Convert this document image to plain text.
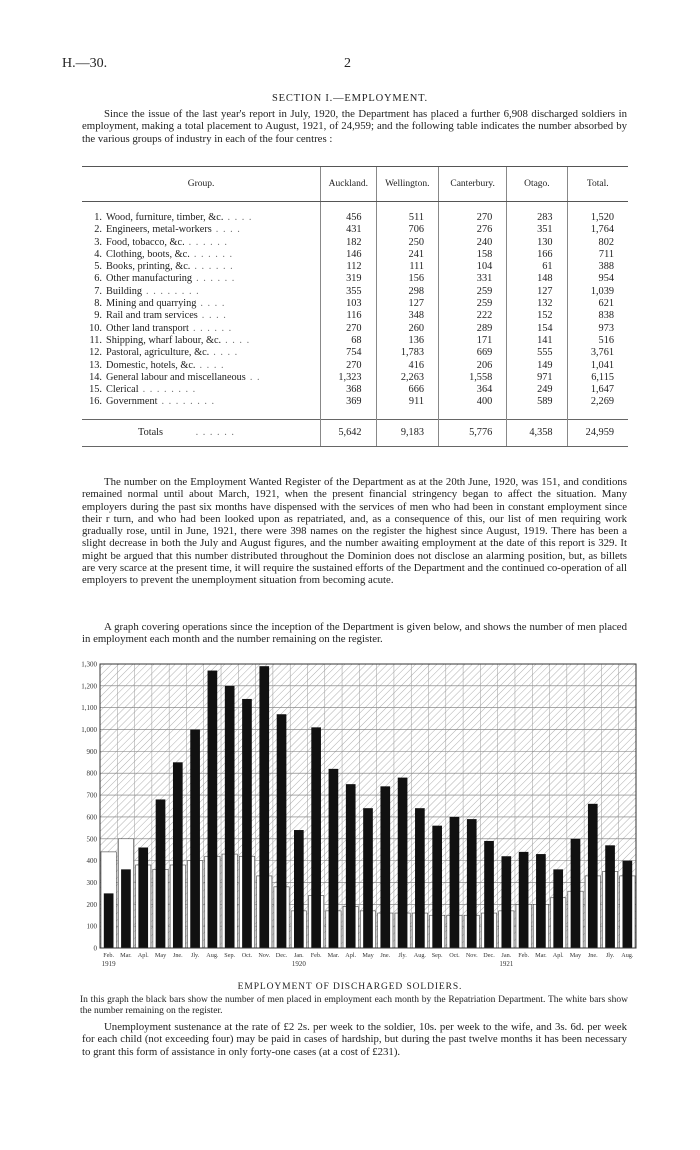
H.—30.	2
SECTION I.—EMPLOYMENT.
Since the issue of the last year's report in July, 1920, the Department has placed a further 6,908 discharged soldiers in employment, making a total placement to August, 1921, of 24,959; and the following table indicates the number absorbed by the various groups of industry in each of the four centres :
Group.	Auckland.	Wellington.	Canterbury.	Otago.	Total.

1. Wood, furniture, timber, &c. . . . .	456	511	270	283	1,520
2. Engineers, metal-workers . . . .	431	706	276	351	1,764
3. Food, tobacco, &c. . . . . . .	182	250	240	130	802
4. Clothing, boots, &c. . . . . . .	146	241	158	166	711
5. Books, printing, &c. . . . . . .	112	111	104	61	388
6. Other manufacturing . . . . . .	319	156	331	148	954
7. Building . . . . . . . .	355	298	259	127	1,039
8. Mining and quarrying . . . .	103	127	259	132	621
9. Rail and tram services . . . .	116	348	222	152	838
10. Other land transport . . . . . .	270	260	289	154	973
11. Shipping, wharf labour, &c. . . . .	68	136	171	141	516
12. Pastoral, agriculture, &c. . . . .	754	1,783	669	555	3,761
13. Domestic, hotels, &c. . . . .	270	416	206	149	1,041
14. General labour and miscellaneous . .	1,323	2,263	1,558	971	6,115
15. Clerical . . . . . . . .	368	666	364	249	1,647
16. Government . . . . . . . .	369	911	400	589	2,269

Totals . . . . . .	5,642	9,183	5,776	4,358	24,959
The number on the Employment Wanted Register of the Department as at the 20th June, 1920, was 151, and conditions remained normal until about March, 1921, when the present financial stringency began to affect the situation. Many employers during the past six months have dispensed with the services of men who had been in constant employment since their r turn, and who had been looked upon as repatriated, and, as a consequence of this, our list of men requiring work gradually rose, until in June, 1921, there were 398 names on the register the highest since August, 1919. There has been a slight decrease in both the July and August figures, and the number awaiting employment at the date of this report is 329. It might be argued that this number distributed throughout the Dominion does not disclose an alarming position, but, as billets are very scarce at the present time, it will require the sustained efforts of the Department and the continued co-operation of all employers to prevent the unemployment situation from becoming acute.
A graph covering operations since the inception of the Department is given below, and shows the number of men placed in employment each month and the number remaining on the register.
0
100
200
300
400
500
600
700
800
900
1,000
1,100
1,200
1,300
Feb. Mar. Apl. May Jne. Jly. Aug. Sep. Oct. Nov. Dec. Jan. Feb. Mar. Apl. May Jne. Jly. Aug. Sep. Oct. Nov. Dec. Jan. Feb. Mar. Apl. May Jne. Jly. Aug.
1919	1920	1921
EMPLOYMENT OF DISCHARGED SOLDIERS.
In this graph the black bars show the number of men placed in employment each month by the Repatriation Department. The white bars show the number remaining on the register.
Unemployment sustenance at the rate of £2 2s. per week to the soldier, 10s. per week to the wife, and 3s. 6d. per week for each child (not exceeding four) may be paid in cases of hardship, but during the past twelve months it has been necessary to grant this form of assistance in only forty-one cases (at a cost of £231).
